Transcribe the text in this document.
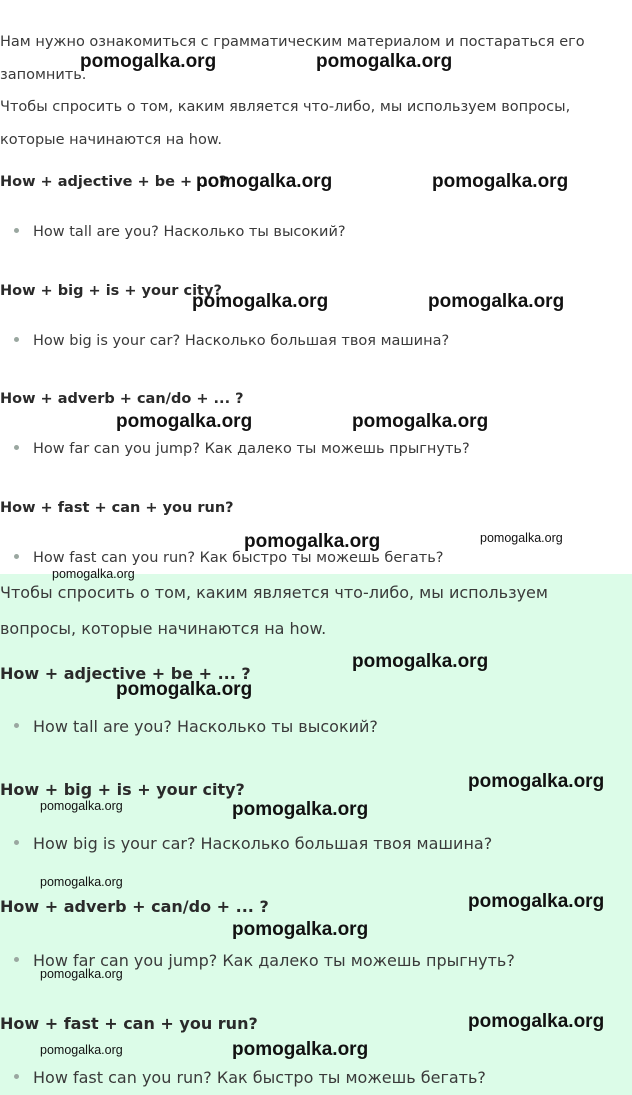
Нам нужно ознакомиться с грамматическим материалом и постараться его

запомнить.

Чтобы спросить о том, каким является что-либо, мы используем вопросы,

которые начинаются на how.

How + adjective + be + ... ?

How tall are you? Насколько ты высокий?

How + big + is + your city?

How big is your car? Насколько большая твоя машина?

How + adverb + can/do + ... ?

How far can you jump? Как далеко ты можешь прыгнуть?

How + fast + can + you run?

How fast can you run? Как быстро ты можешь бегать?

Чтобы спросить о том, каким является что-либо, мы используем

вопросы, которые начинаются на how.

How + adjective + be + ... ?

How tall are you? Насколько ты высокий?

How + big + is + your city?

How big is your car? Насколько большая твоя машина?

How + adverb + can/do + ... ?

How far can you jump? Как далеко ты можешь прыгнуть?

How + fast + can + you run?

How fast can you run? Как быстро ты можешь бегать?

pomogalka.org	pomogalka.org
pomogalka.org	pomogalka.org
pomogalka.org	pomogalka.org
pomogalka.org	pomogalka.org
pomogalka.org	pomogalka.org
pomogalka.org
pomogalka.org
pomogalka.org
pomogalka.org
pomogalka.org	pomogalka.org
pomogalka.org
pomogalka.org
pomogalka.org
pomogalka.org
pomogalka.org
pomogalka.org	pomogalka.org
